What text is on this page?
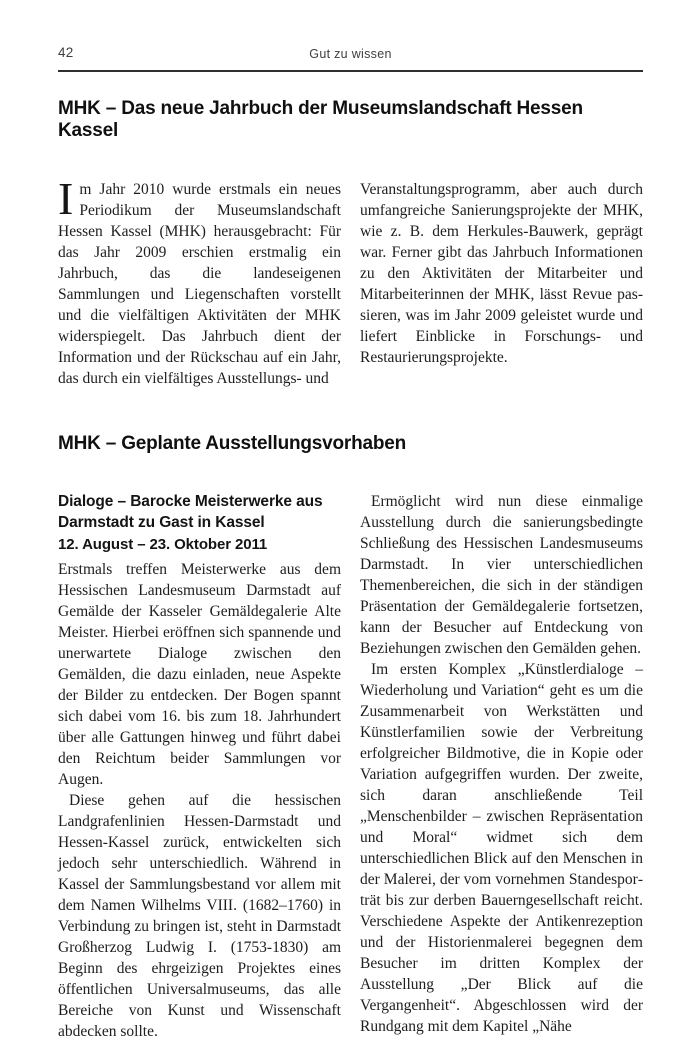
42	Gut zu wissen
MHK – Das neue Jahrbuch der Museumslandschaft Hessen Kassel

Im Jahr 2010 wurde erstmals ein neues Periodikum der Museumslandschaft Hessen Kassel (MHK) herausgebracht: Für das Jahr 2009 erschien erstmalig ein Jahrbuch, das die landeseigenen Sammlungen und Liegenschaften vorstellt und die vielfältigen Aktivitäten der MHK widerspiegelt. Das Jahrbuch dient der Information und der Rückschau auf ein Jahr, das durch ein vielfältiges Ausstellungs- und

Veranstaltungsprogramm, aber auch durch umfangreiche Sanierungsprojekte der MHK, wie z. B. dem Herkules-Bauwerk, geprägt war. Ferner gibt das Jahrbuch Informationen zu den Aktivitäten der Mitarbeiter und Mitarbeiterinnen der MHK, lässt Revue passieren, was im Jahr 2009 geleistet wurde und liefert Einblicke in Forschungs- und Restaurierungsprojekte.

MHK – Geplante Ausstellungsvorhaben
Dialoge – Barocke Meisterwerke aus Darmstadt zu Gast in Kassel
12. August – 23. Oktober 2011

Erstmals treffen Meisterwerke aus dem Hessischen Landesmuseum Darmstadt auf Gemälde der Kasseler Gemäldegalerie Alte Meister. Hierbei eröffnen sich spannende und unerwartete Dialoge zwischen den Gemälden, die dazu einladen, neue Aspekte der Bilder zu entdecken. Der Bogen spannt sich dabei vom 16. bis zum 18. Jahrhundert über alle Gattungen hinweg und führt dabei den Reichtum beider Sammlungen vor Augen.

Diese gehen auf die hessischen Landgrafenlinien Hessen-Darmstadt und Hessen-Kassel zurück, entwickelten sich jedoch sehr unterschiedlich. Während in Kassel der Sammlungsbestand vor allem mit dem Namen Wilhelms VIII. (1682–1760) in Verbindung zu bringen ist, steht in Darmstadt Großherzog Ludwig I. (1753-1830) am Beginn des ehrgeizigen Projektes eines öffentlichen Universalmuseums, das alle Bereiche von Kunst und Wissenschaft abdecken sollte.

Ermöglicht wird nun diese einmalige Ausstellung durch die sanierungsbedingte Schließung des Hessischen Landesmuseums Darmstadt. In vier unterschiedlichen Themenbereichen, die sich in der ständigen Präsentation der Gemäldegalerie fortsetzen, kann der Besucher auf Entdeckung von Beziehungen zwischen den Gemälden gehen.

Im ersten Komplex „Künstlerdialoge – Wiederholung und Variation“ geht es um die Zusammenarbeit von Werkstätten und Künstlerfamilien sowie der Verbreitung erfolgreicher Bildmotive, die in Kopie oder Variation aufgegriffen wurden. Der zweite, sich daran anschließende Teil „Menschenbilder – zwischen Repräsentation und Moral“ widmet sich dem unterschiedlichen Blick auf den Menschen in der Malerei, der vom vornehmen Standesporträt bis zur derben Bauerngesellschaft reicht. Verschiedene Aspekte der Antikenrezeption und der Historienmalerei begegnen dem Besucher im dritten Komplex der Ausstellung „Der Blick auf die Vergangenheit“. Abgeschlossen wird der Rundgang mit dem Kapitel „Nähe
